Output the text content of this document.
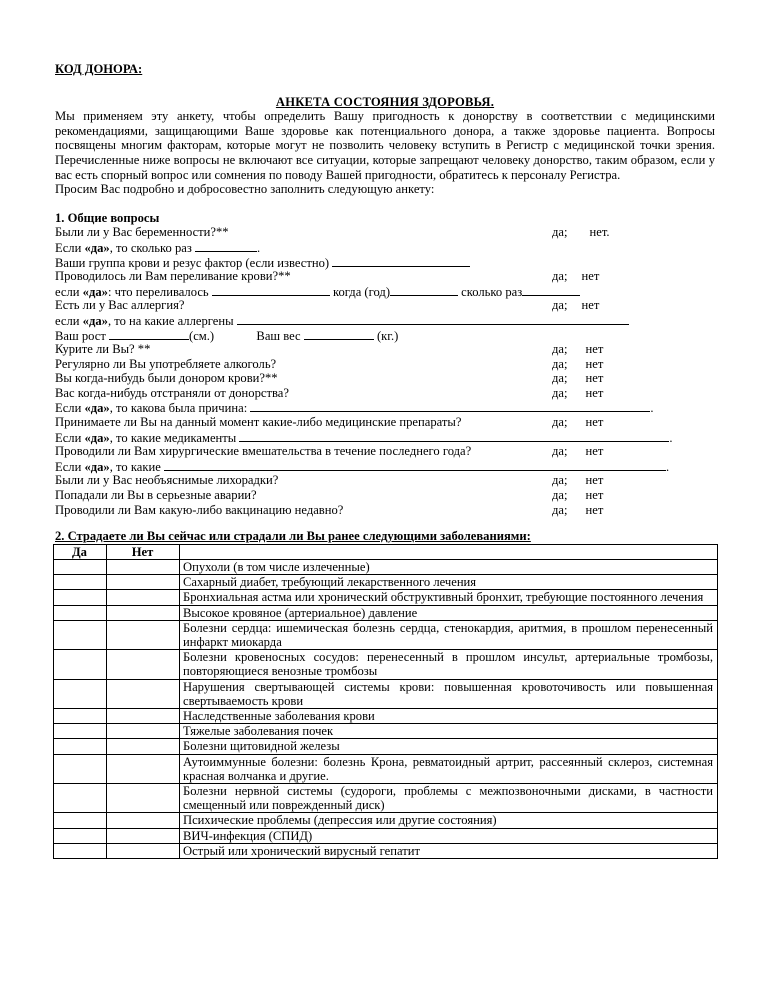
КОД ДОНОРА:
АНКЕТА СОСТОЯНИЯ ЗДОРОВЬЯ.

Мы применяем эту анкету, чтобы определить Вашу пригодность к донорству в соответствии с медицинскими рекомендациями, защищающими Ваше здоровье как потенциального донора, а также здоровье пациента. Вопросы посвящены многим факторам, которые могут не позволить человеку вступить в Регистр с медицинской точки зрения. Перечисленные ниже вопросы не включают все ситуации, которые запрещают человеку донорство, таким образом, если у вас есть спорный вопрос или сомнения по поводу Вашей пригодности, обратитесь к персоналу Регистра.

Просим Вас подробно и добросовестно заполнить следующую анкету:

1. Общие вопросы
Были ли у Вас беременности?**	да; нет.
Если «да», то сколько раз	.
Ваши группа крови и резус фактор (если известно)
Проводилось ли Вам переливание крови?**	да; нет
если «да»: что переливалось	когда (год)	сколько раз
Есть ли у Вас аллергия?	да; нет
если «да», то на какие аллергены
Ваш рост	(см.)	Ваш вес	(кг.)
Курите ли Вы? **	да; нет
Регулярно ли Вы употребляете алкоголь?	да; нет
Вы когда-нибудь были донором крови?**	да; нет
Вас когда-нибудь отстраняли от донорства?	да; нет
Если «да», то какова была причина:	.
Принимаете ли Вы на данный момент какие-либо медицинские препараты?	да; нет
Если «да», то какие медикаменты	.
Проводили ли Вам хирургические вмешательства в течение последнего года?	да; нет
Если «да», то какие	.
Были ли у Вас необъяснимые лихорадки?	да; нет
Попадали ли Вы в серьезные аварии?	да; нет
Проводили ли Вам какую-либо вакцинацию недавно?	да; нет
2. Страдаете ли Вы сейчас или страдали ли Вы ранее следующими заболеваниями:
Да	Нет	
		Опухоли (в том числе излеченные)
		Сахарный диабет, требующий лекарственного лечения
		Бронхиальная астма или хронический обструктивный бронхит, требующие постоянного лечения
		Высокое кровяное (артериальное) давление
		Болезни сердца: ишемическая болезнь сердца, стенокардия, аритмия, в прошлом перенесенный инфаркт миокарда
		Болезни кровеносных сосудов: перенесенный в прошлом инсульт, артериальные тромбозы, повторяющиеся венозные тромбозы
		Нарушения свертывающей системы крови: повышенная кровоточивость или повышенная свертываемость крови
		Наследственные заболевания крови
		Тяжелые заболевания почек
		Болезни щитовидной железы
		Аутоиммунные болезни: болезнь Крона, ревматоидный артрит, рассеянный склероз, системная красная волчанка и другие.
		Болезни нервной системы (судороги, проблемы с межпозвоночными дисками, в частности смещенный или поврежденный диск)
		Психические проблемы (депрессия или другие состояния)
		ВИЧ-инфекция (СПИД)
		Острый или хронический вирусный гепатит
